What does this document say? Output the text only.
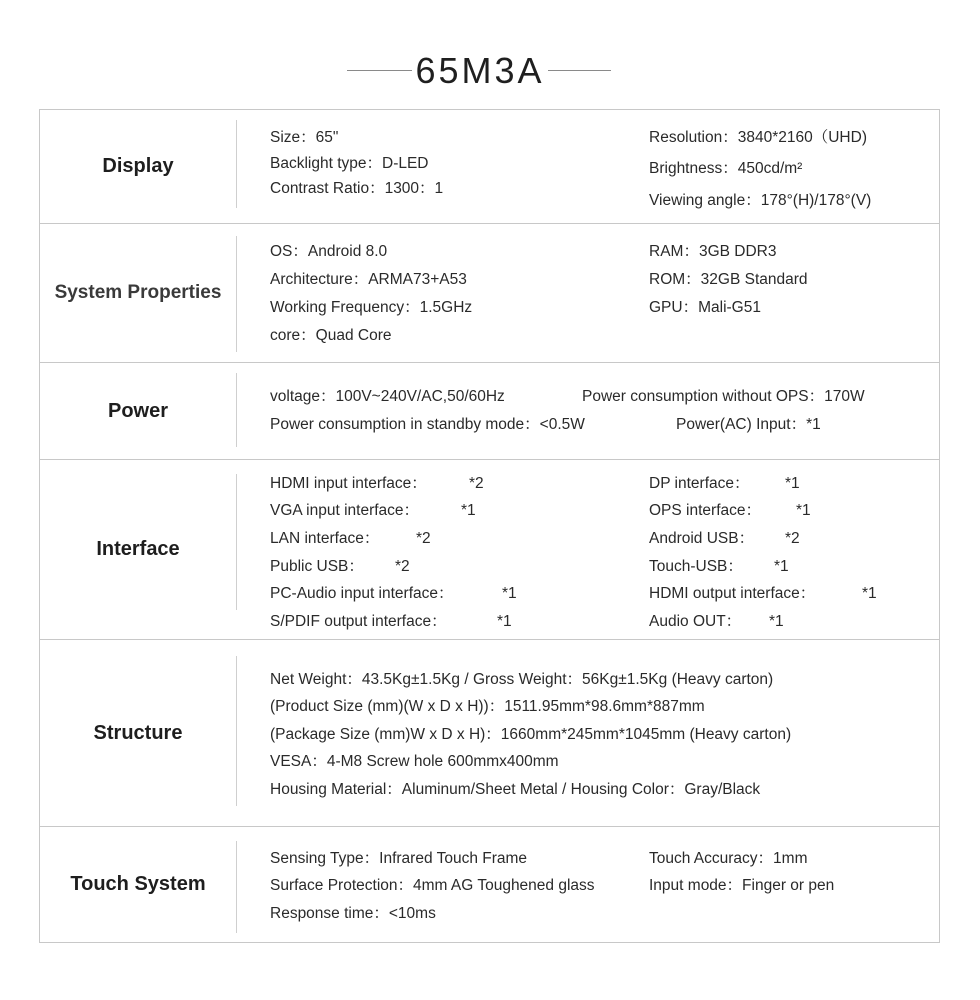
65M3A
Display
Size：65"
Backlight type：D-LED
Contrast Ratio：1300：1
Resolution：3840*2160（UHD)
Brightness：450cd/m²
Viewing angle：178°(H)/178°(V)
System Properties
OS：Android 8.0
Architecture：ARMA73+A53
Working Frequency：1.5GHz
core：Quad Core
RAM：3GB DDR3
ROM：32GB Standard
GPU：Mali-G51
Power
voltage：100V~240V/AC,50/60Hz	Power consumption without OPS：170W
Power consumption in standby mode：<0.5W	Power(AC) Input：*1
Interface
HDMI input interface：	*2
VGA input interface：	*1
LAN interface： *2
Public USB： *2
PC-Audio input interface：	*1
S/PDIF output interface：	*1
DP interface： *1
OPS interface： *1
Android USB： *2
Touch-USB： *1
HDMI output interface：	*1
Audio OUT： *1
Structure
Net Weight：43.5Kg±1.5Kg / Gross Weight：56Kg±1.5Kg (Heavy carton)
(Product Size (mm)(W x D x H))：1511.95mm*98.6mm*887mm
(Package Size (mm)W x D x H)：1660mm*245mm*1045mm (Heavy carton)
VESA：4-M8 Screw hole 600mmx400mm
Housing Material：Aluminum/Sheet Metal / Housing Color：Gray/Black
Touch System
Sensing Type：Infrared Touch Frame
Surface Protection：4mm AG Toughened glass
Response time：<10ms
Touch Accuracy：1mm
Input mode：Finger or pen
